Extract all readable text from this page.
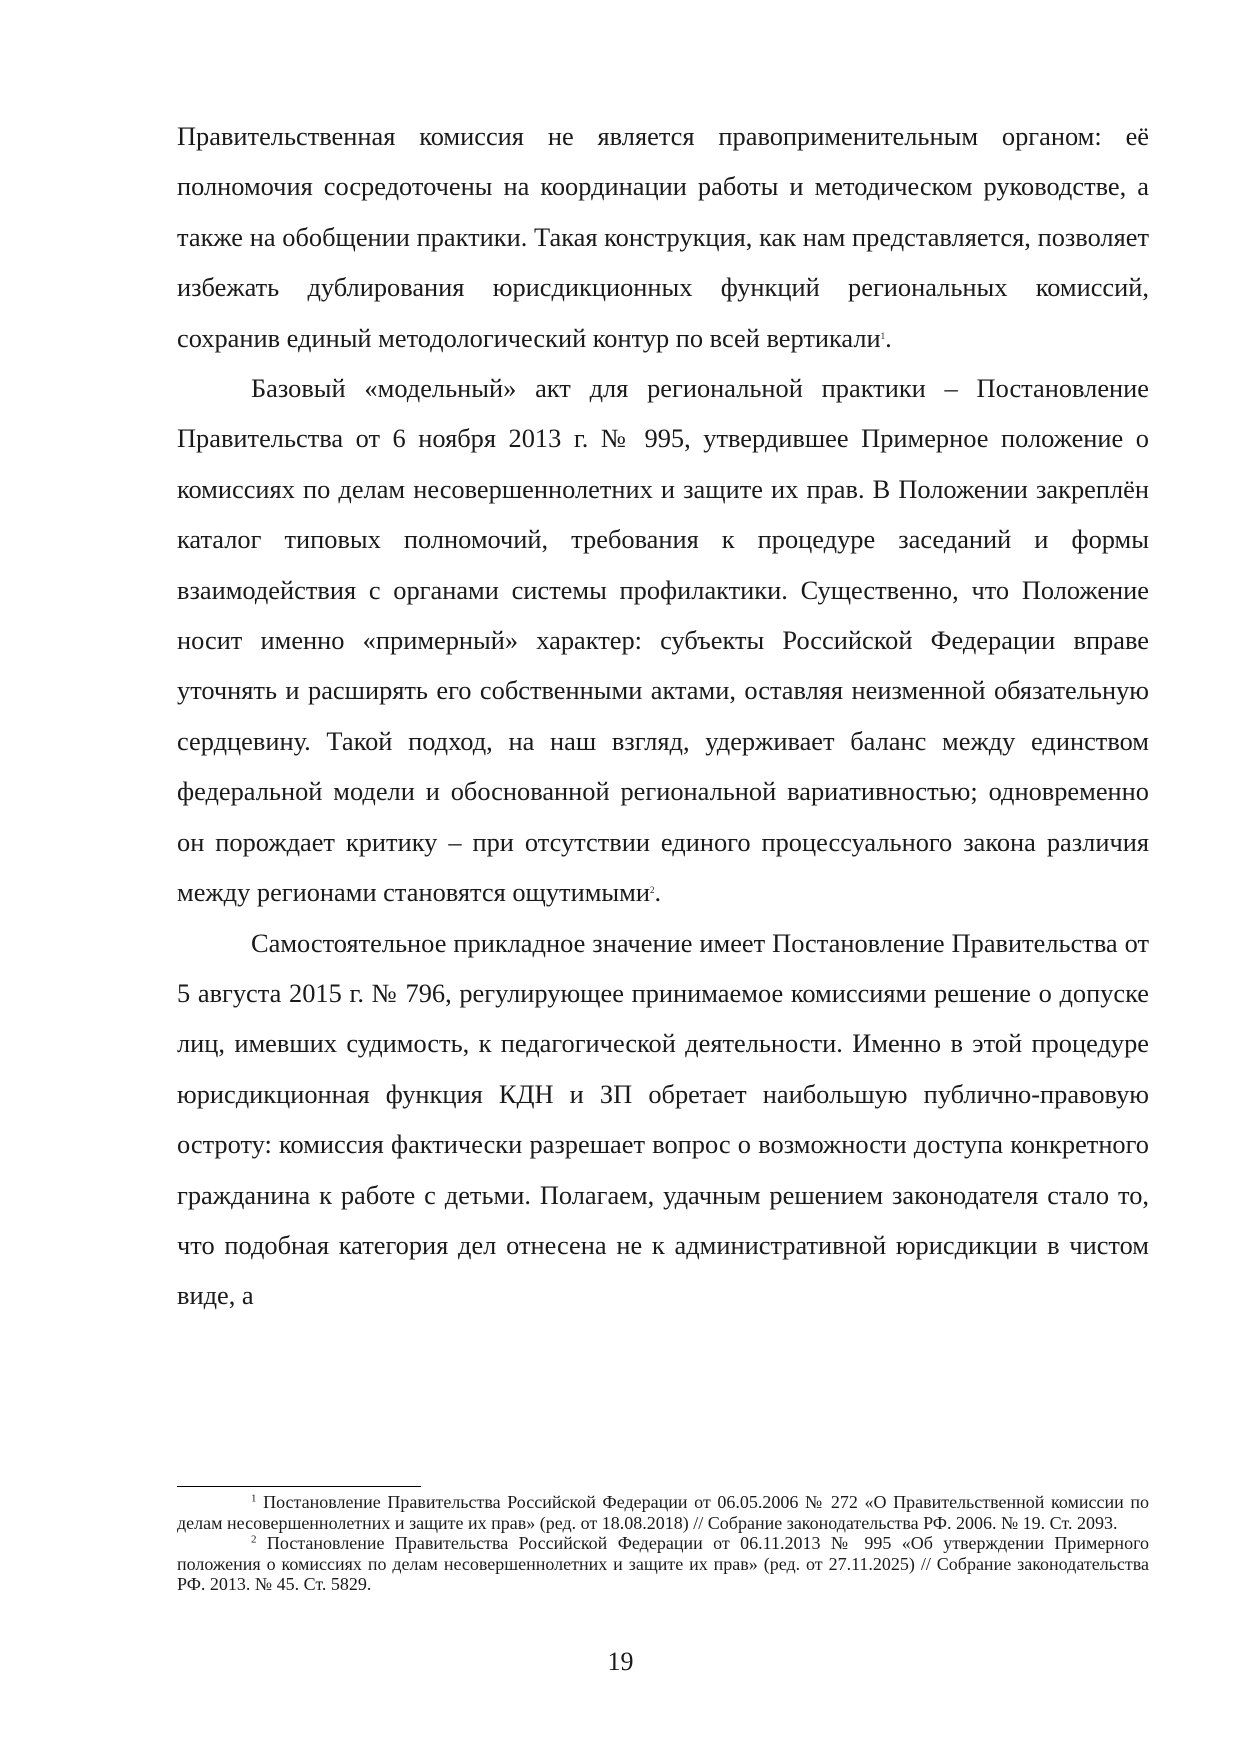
Правительственная комиссия не является правоприменительным органом: её полномочия сосредоточены на координации работы и методическом руководстве, а также на обобщении практики. Такая конструкция, как нам представляется, позволяет избежать дублирования юрисдикционных функций региональных комиссий, сохранив единый методологический контур по всей вертикали$^1$.

Базовый «модельный» акт для региональной практики – Постановление Правительства от 6 ноября 2013 г. № 995, утвердившее Примерное положение о комиссиях по делам несовершеннолетних и защите их прав. В Положении закреплён каталог типовых полномочий, требования к процедуре заседаний и формы взаимодействия с органами системы профилактики. Существенно, что Положение носит именно «примерный» характер: субъекты Российской Федерации вправе уточнять и расширять его собственными актами, оставляя неизменной обязательную сердцевину. Такой подход, на наш взгляд, удерживает баланс между единством федеральной модели и обоснованной региональной вариативностью; одновременно он порождает критику – при отсутствии единого процессуального закона различия между регионами становятся ощутимыми$^2$.

Самостоятельное прикладное значение имеет Постановление Правительства от 5 августа 2015 г. № 796, регулирующее принимаемое комиссиями решение о допуске лиц, имевших судимость, к педагогической деятельности. Именно в этой процедуре юрисдикционная функция КДН и ЗП обретает наибольшую публично-правовую остроту: комиссия фактически разрешает вопрос о возможности доступа конкретного гражданина к работе с детьми. Полагаем, удачным решением законодателя стало то, что подобная категория дел отнесена не к административной юрисдикции в чистом виде, а

$^1$ Постановление Правительства Российской Федерации от 06.05.2006 № 272 «О Правительственной комиссии по делам несовершеннолетних и защите их прав» (ред. от 18.08.2018) // Собрание законодательства РФ. 2006. № 19. Ст. 2093.

$^2$ Постановление Правительства Российской Федерации от 06.11.2013 № 995 «Об утверждении Примерного положения о комиссиях по делам несовершеннолетних и защите их прав» (ред. от 27.11.2025) // Собрание законодательства РФ. 2013. № 45. Ст. 5829.

19
